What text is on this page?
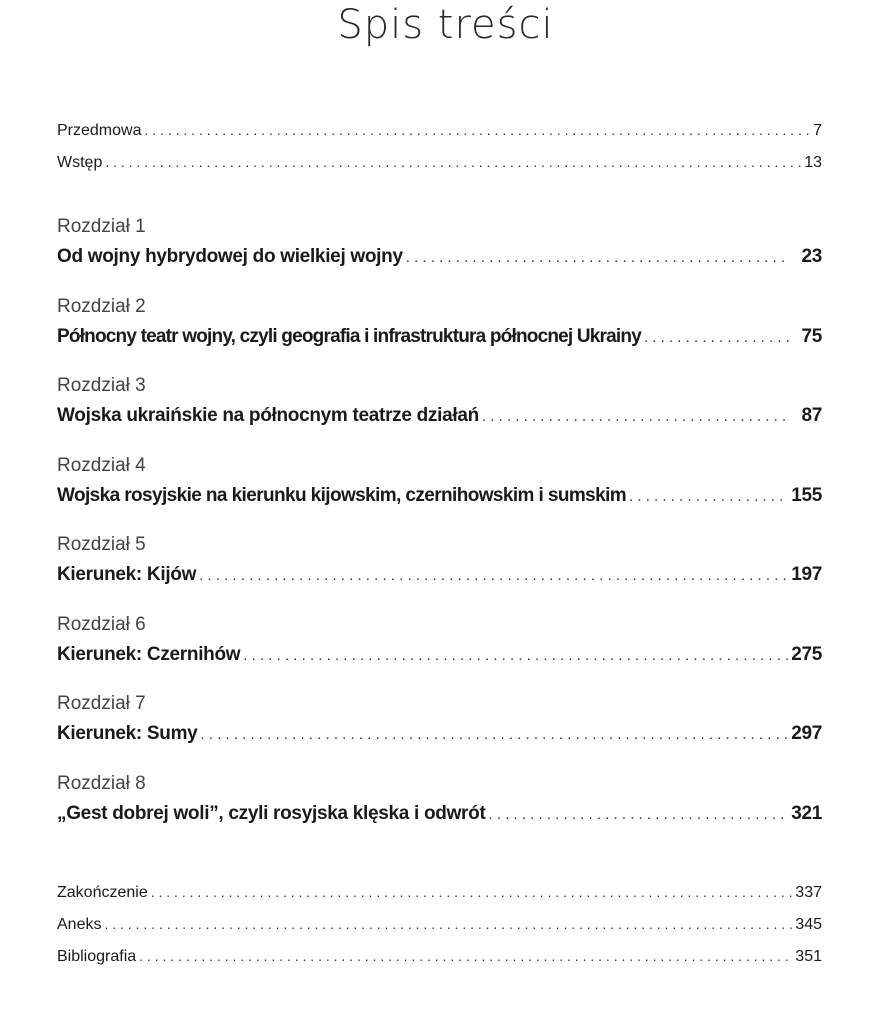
Spis treści
Przedmowa . . .	7
Wstęp . . .	13
Rozdział 1
Od wojny hybrydowej do wielkiej wojny . . .	23
Rozdział 2
Północny teatr wojny, czyli geografia i infrastruktura północnej Ukrainy . . .	75
Rozdział 3
Wojska ukraińskie na północnym teatrze działań . . .	87
Rozdział 4
Wojska rosyjskie na kierunku kijowskim, czernihowskim i sumskim . . .	155
Rozdział 5
Kierunek: Kijów . . .	197
Rozdział 6
Kierunek: Czernihów . . .	275
Rozdział 7
Kierunek: Sumy . . .	297
Rozdział 8
„Gest dobrej woli”, czyli rosyjska klęska i odwrót . . .	321
Zakończenie . . .	337
Aneks . . .	345
Bibliografia . . .	351
